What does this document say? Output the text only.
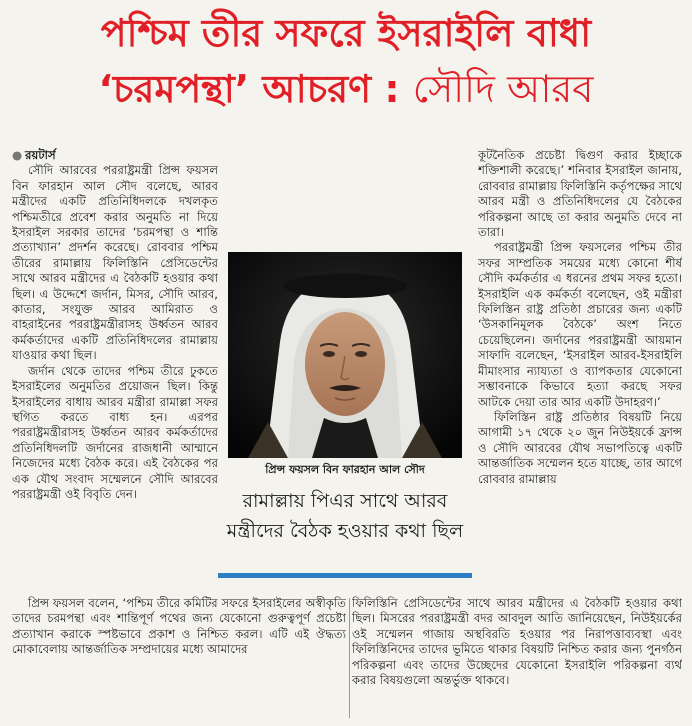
পশ্চিম তীর সফরে ইসরাইলি বাধা
‘চরমপন্থা’ আচরণ : সৌদি আরব

● রয়টার্স

সৌদি আরবের পররাষ্ট্রমন্ত্রী প্রিন্স ফয়সল বিন ফারহান আল সৌদ বলেছে, আরব মন্ত্রীদের একটি প্রতিনিধিদলকে দখলকৃত পশ্চিমতীরে প্রবেশ করার অনুমতি না দিয়ে ইসরাইল সরকার তাদের ‘চরমপন্থা ও শান্তি প্রত্যাখ্যান’ প্রদর্শন করেছে। রোববার পশ্চিম তীরের রামাল্লায় ফিলিস্তিনি প্রেসিডেন্টের সাথে আরব মন্ত্রীদের এ বৈঠকটি হওয়ার কথা ছিল। এ উদ্দেশে জর্দান, মিসর, সৌদি আরব, কাতার, সংযুক্ত আরব আমিরাত ও বাহরাইনের পররাষ্ট্রমন্ত্রীরাসহ উর্ধ্বতন আরব কর্মকর্তাদের একটি প্রতিনিধিদলের রামাল্লায় যাওয়ার কথা ছিল।

জর্দান থেকে তাদের পশ্চিম তীরে ঢুকতে ইসরাইলের অনুমতির প্রয়োজন ছিল। কিন্তু ইসরাইলের বাধায় আরব মন্ত্রীরা রামাল্লা সফর স্থগিত করতে বাধ্য হন। এরপর পররাষ্ট্রমন্ত্রীরাসহ উর্ধ্বতন আরব কর্মকর্তাদের প্রতিনিধিদলটি জর্দানের রাজধানী আম্মানে নিজেদের মধ্যে বৈঠক করে। এই বৈঠকের পর এক যৌথ সংবাদ সম্মেলনে সৌদি আরবের পররাষ্ট্রমন্ত্রী ওই বিবৃতি দেন।

প্রিন্স ফয়সল বলেন, ‘পশ্চিম তীরে কমিটির সফরে ইসরাইলের অস্বীকৃতি তাদের চরমপন্থা এবং শান্তিপূর্ণ পথের জন্য যেকোনো গুরুত্বপূর্ণ প্রচেষ্টা প্রত্যাখান করাকে স্পষ্টভাবে প্রকাশ ও নিশ্চিত করল। এটি এই ঔদ্ধত্য মোকাবেলায় আন্তর্জাতিক সম্প্রদায়ের মধ্যে আমাদের

কূটনৈতিক প্রচেষ্টা দ্বিগুণ করার ইচ্ছাকে শক্তিশালী করেছে।’ শনিবার ইসরাইল জানায়, রোববার রামাল্লায় ফিলিস্তিনি কর্তৃপক্ষের সাথে আরব মন্ত্রী ও প্রতিনিধিদলের যে বৈঠকের পরিকল্পনা আছে তা করার অনুমতি দেবে না তারা।

পররাষ্ট্রমন্ত্রী প্রিন্স ফয়সলের পশ্চিম তীর সফর সাম্প্রতিক সময়ের মধ্যে কোনো শীর্ষ সৌদি কর্মকর্তার এ ধরনের প্রথম সফর হতো। ইসরাইলি এক কর্মকর্তা বলেছেন, ওই মন্ত্রীরা ফিলিস্তিন রাষ্ট্র প্রতিষ্ঠা প্রচারের জন্য একটি ‘উসকানিমূলক বৈঠকে’ অংশ নিতে চেয়েছিলেন। জর্দানের পররাষ্ট্রমন্ত্রী আয়মান সাফাদি বলেছেন, ‘ইসরাইল আরব-ইসরাইলি মীমাংসার ন্যায্যতা ও ব্যাপকতার যেকোনো সম্ভাবনাকে কিভাবে হত্যা করছে সফর আটকে দেয়া তার আর একটি উদাহরণ।’

ফিলিস্তিন রাষ্ট্র প্রতিষ্ঠার বিষয়টি নিয়ে আগামী ১৭ থেকে ২০ জুন নিউইয়র্কে ফ্রান্স ও সৌদি আরবের যৌথ সভাপতিত্বে একটি আন্তর্জাতিক সম্মেলন হতে যাচ্ছে, তার আগে রোববার রামাল্লায়

ফিলিস্তিনি প্রেসিডেন্টের সাথে আরব মন্ত্রীদের এ বৈঠকটি হওয়ার কথা ছিল। মিসরের পররাষ্ট্রমন্ত্রী বদর আবদুল আতি জানিয়েছেন, নিউইয়র্কের ওই সম্মেলন গাজায় অস্থবিরতি হওয়ার পর নিরাপত্তাব্যবস্থা এবং ফিলিস্তিনিদের তাদের ভূমিতে থাকার বিষয়টি নিশ্চিত করার জন্য পুনর্গঠন পরিকল্পনা এবং তাদের উচ্ছেদের যেকোনো ইসরাইলি পরিকল্পনা ব্যর্থ করার বিষয়গুলো অন্তর্ভুক্ত থাকবে।

প্রিন্স ফয়সল বিন ফারহান আল সৌদ
রামাল্লায় পিএর সাথে আরব মন্ত্রীদের বৈঠক হওয়ার কথা ছিল
